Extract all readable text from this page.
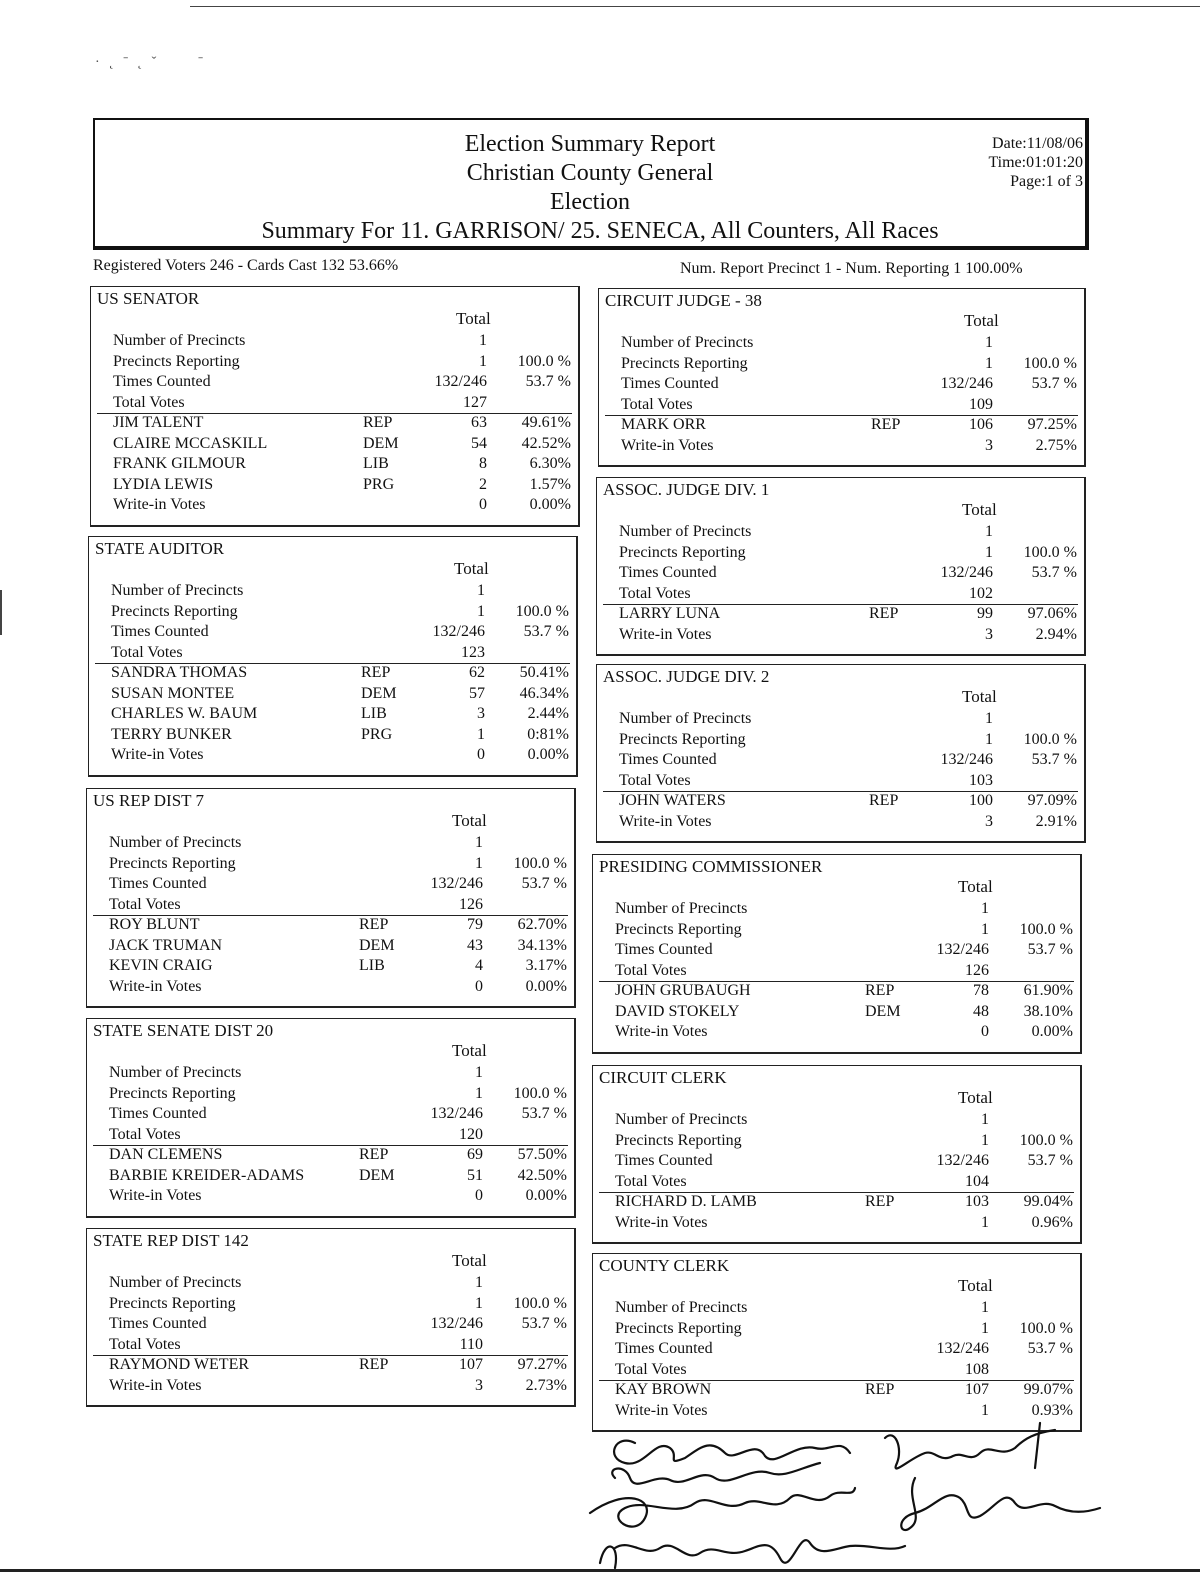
· ˛ ˉ ˛ ˇ      ˉ
Election Summary Report
Christian County General
Election
Summary For 11. GARRISON/ 25. SENECA, All Counters, All Races
Date:11/08/06
Time:01:01:20
Page:1 of 3
Registered Voters 246 - Cards Cast 132 53.66%	Num. Report Precinct 1 - Num. Reporting 1 100.00%
US SENATOR
Total
Number of Precincts	1
Precincts Reporting	1 100.0 %
Times Counted	132/246 53.7 %
Total Votes	127
JIM TALENT	REP	63 49.61%
CLAIRE MCCASKILL	DEM	54 42.52%
FRANK GILMOUR	LIB	8	6.30%
LYDIA LEWIS	PRG	2	1.57%
Write-in Votes	0	0.00%
STATE AUDITOR
Total
Number of Precincts	1
Precincts Reporting	1 100.0 %
Times Counted	132/246 53.7 %
Total Votes	123
SANDRA THOMAS	REP	62 50.41%
SUSAN MONTEE	DEM	57 46.34%
CHARLES W. BAUM	LIB	3	2.44%
TERRY BUNKER	PRG	1	0:81%
Write-in Votes	0	0.00%
US REP DIST 7
Total
Number of Precincts	1
Precincts Reporting	1 100.0 %
Times Counted	132/246 53.7 %
Total Votes	126
ROY BLUNT	REP	79 62.70%
JACK TRUMAN	DEM	43 34.13%
KEVIN CRAIG	LIB	4	3.17%
Write-in Votes	0	0.00%
STATE SENATE DIST 20
Total
Number of Precincts	1
Precincts Reporting	1 100.0 %
Times Counted	132/246 53.7 %
Total Votes	120
DAN CLEMENS	REP	69 57.50%
BARBIE KREIDER-ADAMS	DEM	51 42.50%
Write-in Votes	0	0.00%
STATE REP DIST 142
Total
Number of Precincts	1
Precincts Reporting	1 100.0 %
Times Counted	132/246 53.7 %
Total Votes	110
RAYMOND WETER	REP	107 97.27%
Write-in Votes	3	2.73%
CIRCUIT JUDGE - 38
Total
Number of Precincts	1
Precincts Reporting	1 100.0 %
Times Counted	132/246 53.7 %
Total Votes	109
MARK ORR	REP	106 97.25%
Write-in Votes	3	2.75%
ASSOC. JUDGE DIV. 1
Total
Number of Precincts	1
Precincts Reporting	1 100.0 %
Times Counted	132/246 53.7 %
Total Votes	102
LARRY LUNA	REP	99 97.06%
Write-in Votes	3	2.94%
ASSOC. JUDGE DIV. 2
Total
Number of Precincts	1
Precincts Reporting	1 100.0 %
Times Counted	132/246 53.7 %
Total Votes	103
JOHN WATERS	REP	100 97.09%
Write-in Votes	3	2.91%
PRESIDING COMMISSIONER
Total
Number of Precincts	1
Precincts Reporting	1 100.0 %
Times Counted	132/246 53.7 %
Total Votes	126
JOHN GRUBAUGH	REP	78 61.90%
DAVID STOKELY	DEM	48 38.10%
Write-in Votes	0	0.00%
CIRCUIT CLERK
Total
Number of Precincts	1
Precincts Reporting	1 100.0 %
Times Counted	132/246 53.7 %
Total Votes	104
RICHARD D. LAMB	REP	103 99.04%
Write-in Votes	1	0.96%
COUNTY CLERK
Total
Number of Precincts	1
Precincts Reporting	1 100.0 %
Times Counted	132/246 53.7 %
Total Votes	108
KAY BROWN	REP	107 99.07%
Write-in Votes	1	0.93%
